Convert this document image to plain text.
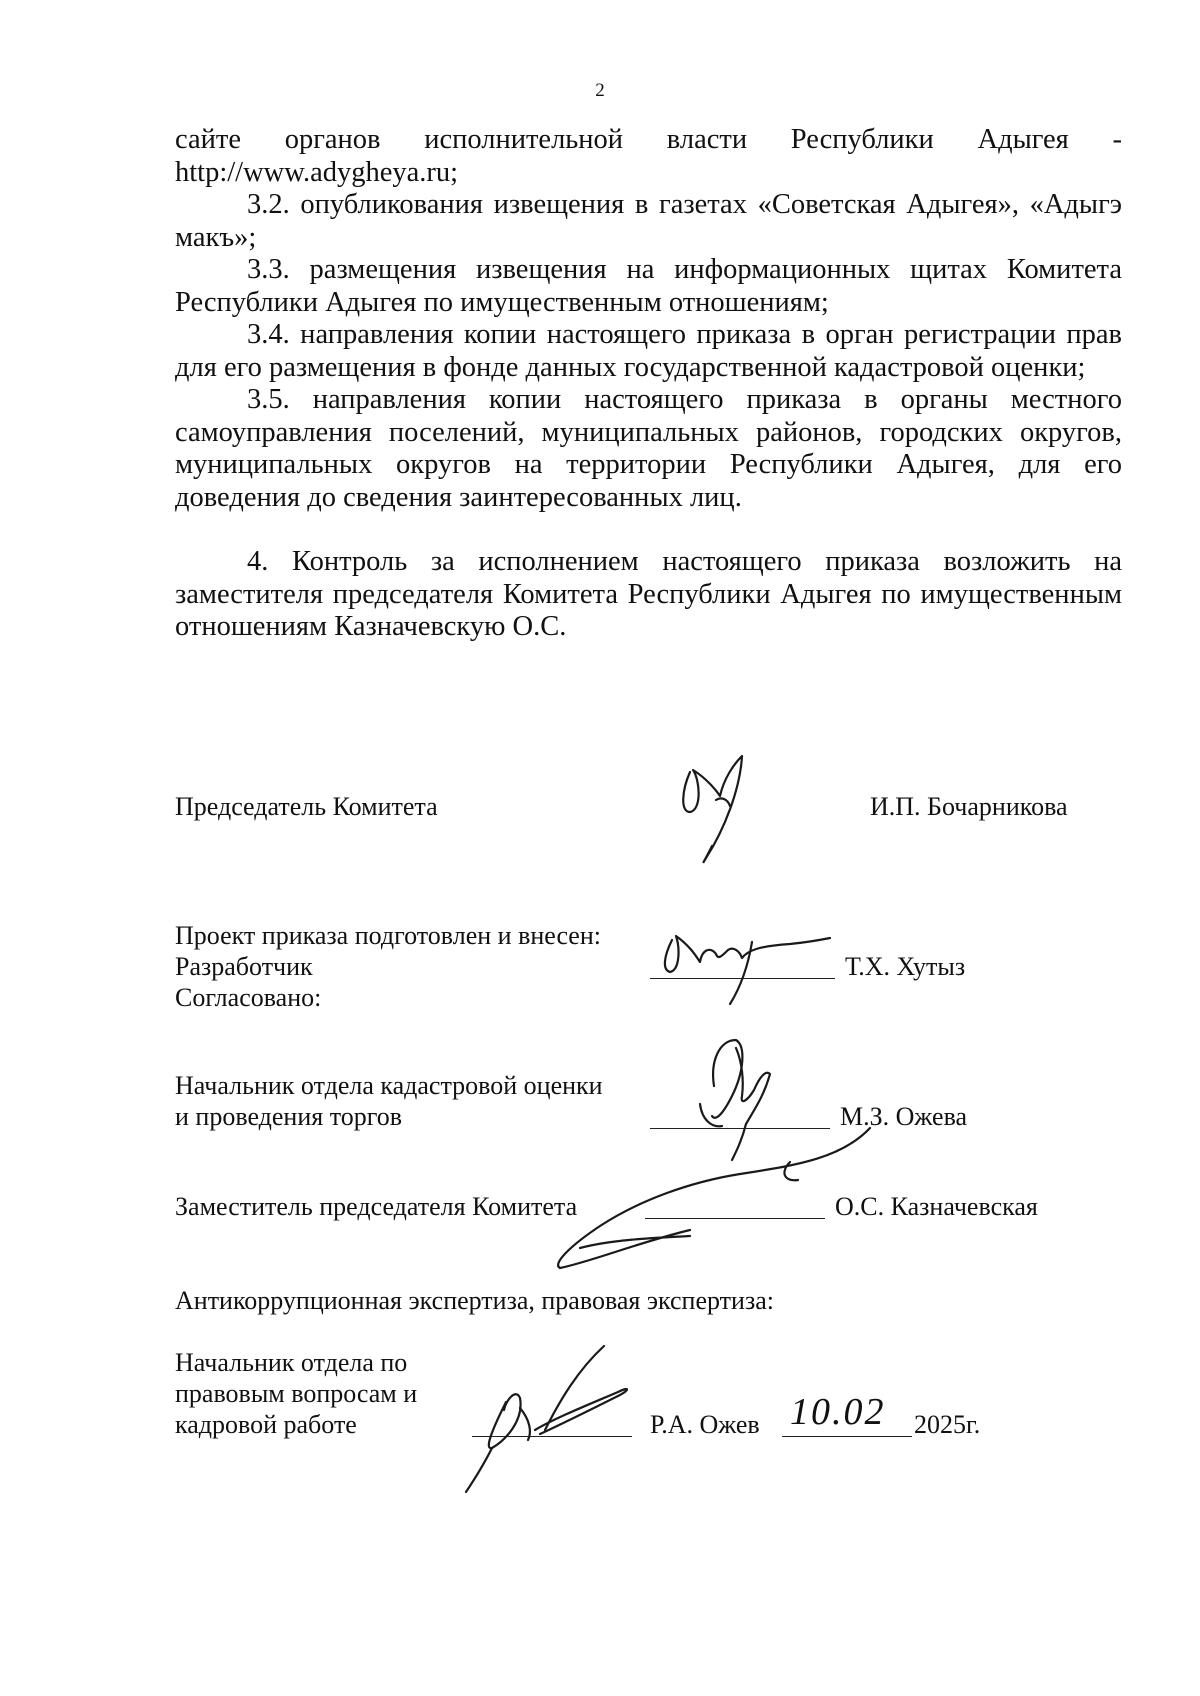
2

сайте органов исполнительной власти Республики Адыгея - http://www.adygheya.ru;

3.2. опубликования извещения в газетах «Советская Адыгея», «Адыгэ макъ»;

3.3. размещения извещения на информационных щитах Комитета Республики Адыгея по имущественным отношениям;

3.4. направления копии настоящего приказа в орган регистрации прав для его размещения в фонде данных государственной кадастровой оценки;

3.5. направления копии настоящего приказа в органы местного самоуправления поселений, муниципальных районов, городских округов, муниципальных округов на территории Республики Адыгея, для его доведения до сведения заинтересованных лиц.

4. Контроль за исполнением настоящего приказа возложить на заместителя председателя Комитета Республики Адыгея по имущественным отношениям Казначевскую О.С.

Председатель Комитета	И.П. Бочарникова
Проект приказа подготовлен и внесен:
Разработчик	Т.Х. Хутыз
Согласовано:
Начальник отдела кадастровой оценки
и проведения торгов	М.З. Ожева
Заместитель председателя Комитета	О.С. Казначевская
Антикоррупционная экспертиза, правовая экспертиза:
Начальник отдела по
правовым вопросам и
кадровой работе	Р.А. Ожев 10.02 2025г.
